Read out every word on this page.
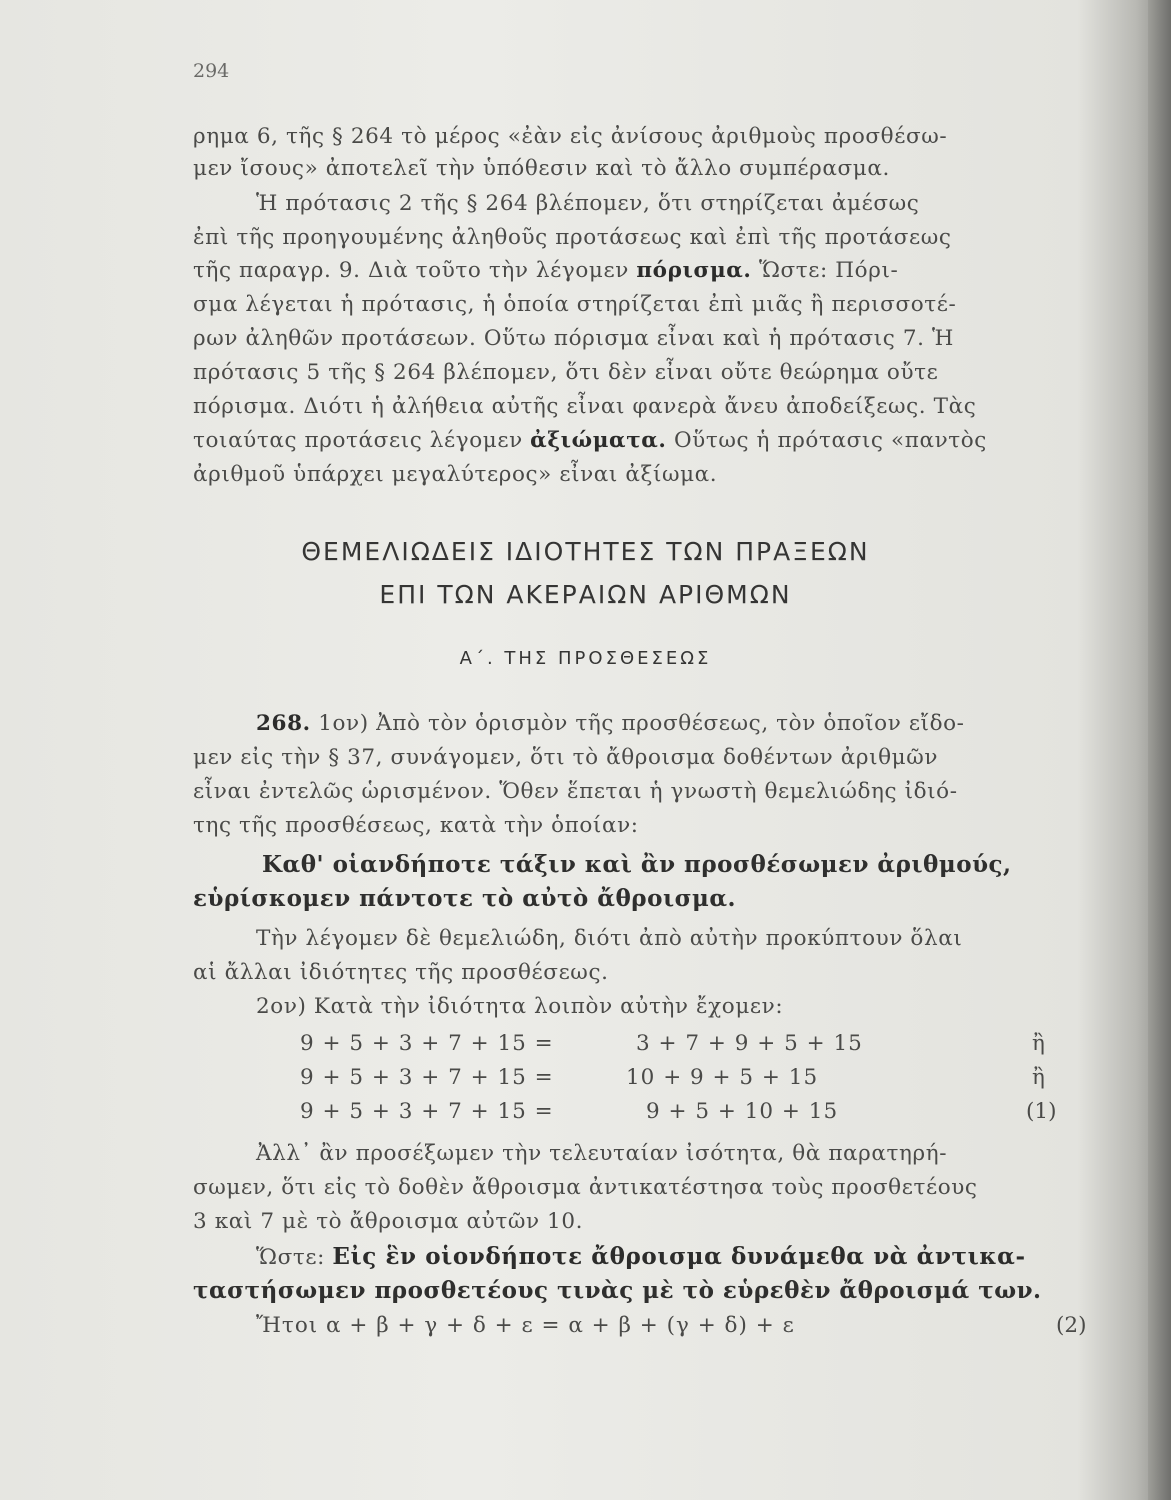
294
ρημα 6, τῆς § 264 τὸ μέρος «ἐὰν εἰς ἀνίσους ἀριθμοὺς προσθέσω-
μεν ἴσους» ἀποτελεῖ τὴν ὑπόθεσιν καὶ τὸ ἄλλο συμπέρασμα.
Ἡ πρότασις 2 τῆς § 264 βλέπομεν, ὅτι στηρίζεται ἀμέσως
ἐπὶ τῆς προηγουμένης ἀληθοῦς προτάσεως καὶ ἐπὶ τῆς προτάσεως
τῆς παραγρ. 9. Διὰ τοῦτο τὴν λέγομεν πόρισμα. Ὥστε: Πόρι-
σμα λέγεται ἡ πρότασις, ἡ ὁποία στηρίζεται ἐπὶ μιᾶς ἢ περισσοτέ-
ρων ἀληθῶν προτάσεων. Οὕτω πόρισμα εἶναι καὶ ἡ πρότασις 7. Ἡ
πρότασις 5 τῆς § 264 βλέπομεν, ὅτι δὲν εἶναι οὔτε θεώρημα οὔτε
πόρισμα. Διότι ἡ ἀλήθεια αὐτῆς εἶναι φανερὰ ἄνευ ἀποδείξεως. Τὰς
τοιαύτας προτάσεις λέγομεν ἀξιώματα. Οὕτως ἡ πρότασις «παντὸς
ἀριθμοῦ ὑπάρχει μεγαλύτερος» εἶναι ἀξίωμα.
ΘΕΜΕΛΙΩΔΕΙΣ ΙΔΙΟΤΗΤΕΣ ΤΩΝ ΠΡΑΞΕΩΝ
ΕΠΙ ΤΩΝ ΑΚΕΡΑΙΩΝ ΑΡΙΘΜΩΝ
Α΄. ΤΗΣ ΠΡΟΣΘΕΣΕΩΣ
268. 1ον) Ἀπὸ τὸν ὁρισμὸν τῆς προσθέσεως, τὸν ὁποῖον εἴδο-
μεν εἰς τὴν § 37, συνάγομεν, ὅτι τὸ ἄθροισμα δοθέντων ἀριθμῶν
εἶναι ἐντελῶς ὡρισμένον. Ὅθεν ἕπεται ἡ γνωστὴ θεμελιώδης ἰδιό-
της τῆς προσθέσεως, κατὰ τὴν ὁποίαν:
Καθ' οἱανδήποτε τάξιν καὶ ἂν προσθέσωμεν ἀριθμούς,
εὑρίσκομεν πάντοτε τὸ αὐτὸ ἄθροισμα.
Τὴν λέγομεν δὲ θεμελιώδη, διότι ἀπὸ αὐτὴν προκύπτουν ὅλαι
αἱ ἄλλαι ἰδιότητες τῆς προσθέσεως.
2ον) Κατὰ τὴν ἰδιότητα λοιπὸν αὐτὴν ἔχομεν:
9 + 5 + 3 + 7 + 15 =	3 + 7 + 9 + 5 + 15	ἢ
9 + 5 + 3 + 7 + 15 =	10 + 9 + 5 + 15	ἢ
9 + 5 + 3 + 7 + 15 =	9 + 5 + 10 + 15	(1)
Ἀλλ᾿ ἂν προσέξωμεν τὴν τελευταίαν ἰσότητα, θὰ παρατηρή-
σωμεν, ὅτι εἰς τὸ δοθὲν ἄθροισμα ἀντικατέστησα τοὺς προσθετέους
3 καὶ 7 μὲ τὸ ἄθροισμα αὐτῶν 10.
Ὥστε: Εἰς ἓν οἱονδήποτε ἄθροισμα δυνάμεθα νὰ ἀντικα-
ταστήσωμεν προσθετέους τινὰς μὲ τὸ εὑρεθὲν ἄθροισμά των.
Ἤτοι α + β + γ + δ + ε = α + β + (γ + δ) + ε	(2)
